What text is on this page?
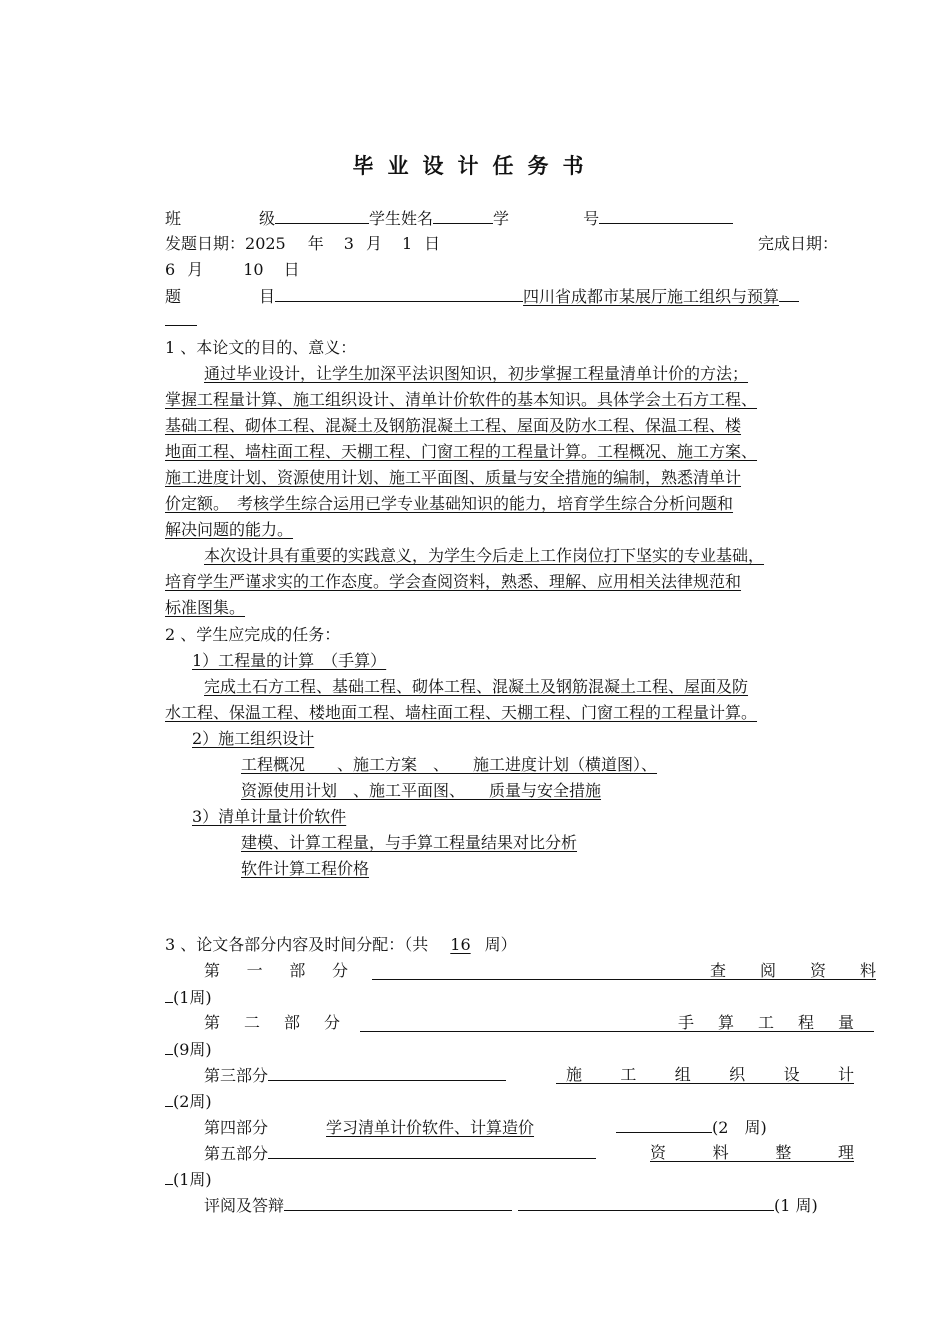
毕业设计任务书
班	级	学生姓名	学	号
发题日期：2025 年 3 月 1 日	完成日期：
6 月	10 日
题	目	四川省成都市某展厅施工组织与预算
1 、本论文的目的、意义：
通过毕业设计，让学生加深平法识图知识，初步掌握工程量清单计价的方法；
掌握工程量计算、施工组织设计、清单计价软件的基本知识。具体学会土石方工程、
基础工程、砌体工程、混凝土及钢筋混凝土工程、屋面及防水工程、保温工程、楼
地面工程、墙柱面工程、天棚工程、门窗工程的工程量计算。工程概况、施工方案、
施工进度计划、资源使用计划、施工平面图、质量与安全措施的编制，熟悉清单计
价定额。　考核学生综合运用已学专业基础知识的能力，培育学生综合分析问题和
解决问题的能力。
本次设计具有重要的实践意义，为学生今后走上工作岗位打下坚实的专业基础，
培育学生严谨求实的工作态度。学会查阅资料，熟悉、理解、应用相关法律规范和
标准图集。
2 、学生应完成的任务：
1）工程量的计算　（手算）
完成土石方工程、基础工程、砌体工程、混凝土及钢筋混凝土工程、屋面及防
水工程、保温工程、楼地面工程、墙柱面工程、天棚工程、门窗工程的工程量计算。
2）施工组织设计
工程概况　　、施工方案　、　　施工进度计划（横道图）、
资源使用计划　、施工平面图、　　质量与安全措施
3）清单计量计价软件
建模、计算工程量，与手算工程量结果对比分析
软件计算工程价格
3 、论文各部分内容及时间分配：（共 16 周）
第 一 部 分	查 阅 资 料
(1周)
第 二 部 分	手 算 工 程 量
(9周)
第三部分	施 工 组 织 设 计
(2周)
第四部分	学习清单计价软件、计算造价	(2　周)
第五部分	资	料	整	理
(1周)
评阅及答辩	(1 周)
